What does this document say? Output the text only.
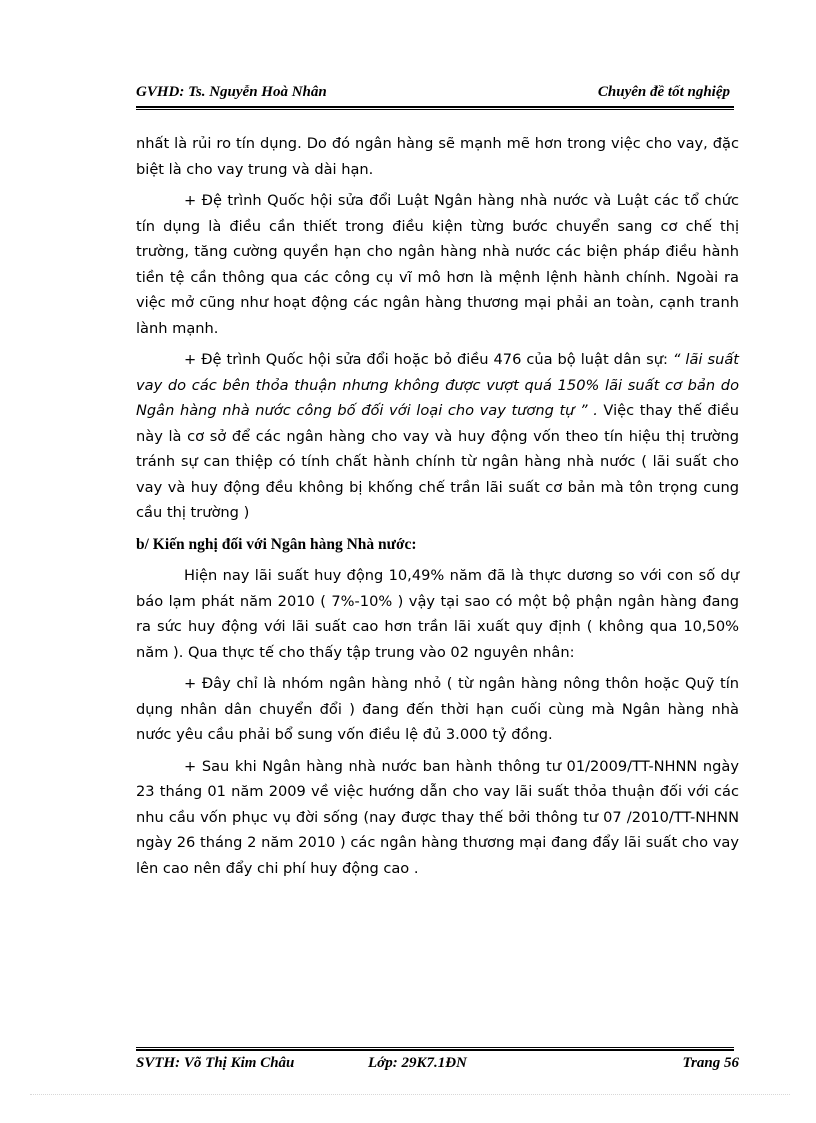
GVHD: Ts. Nguyễn Hoà Nhân	Chuyên đề tốt nghiệp

nhất là rủi ro tín dụng. Do đó ngân hàng sẽ mạnh mẽ hơn trong việc cho vay, đặc biệt là cho vay trung và dài hạn.

+ Đệ trình Quốc hội sửa đổi Luật Ngân hàng nhà nước và Luật các tổ chức tín dụng là điều cần thiết trong điều kiện từng bước chuyển sang cơ chế thị trường, tăng cường quyền hạn cho ngân hàng nhà nước các biện pháp điều hành tiền tệ cần thông qua các công cụ vĩ mô hơn là mệnh lệnh hành chính. Ngoài ra việc mở cũng như hoạt động các ngân hàng thương mại phải an toàn, cạnh tranh lành mạnh.

+ Đệ trình Quốc hội sửa đổi hoặc bỏ điều 476 của bộ luật dân sự: “ lãi suất vay do các bên thỏa thuận nhưng không được vượt quá 150% lãi suất cơ bản do Ngân hàng nhà nước công bố đối với loại cho vay tương tự ” . Việc thay thế điều này là cơ sở để các ngân hàng cho vay và huy động vốn theo tín hiệu thị trường tránh sự can thiệp có tính chất hành chính từ ngân hàng nhà nước ( lãi suất cho vay và huy động đều không bị khống chế trần lãi suất cơ bản mà tôn trọng cung cầu thị trường )

b/ Kiến nghị đối với Ngân hàng Nhà nước:

Hiện nay lãi suất huy động 10,49% năm đã là thực dương so với con số dự báo lạm phát năm 2010 ( 7%-10% ) vậy tại sao có một bộ phận ngân hàng đang ra sức huy động với lãi suất cao hơn trần lãi xuất quy định ( không qua 10,50% năm ). Qua thực tế cho thấy tập trung vào 02 nguyên nhân:

+ Đây chỉ là nhóm ngân hàng nhỏ ( từ ngân hàng nông thôn hoặc Quỹ tín dụng nhân dân chuyển đổi ) đang đến thời hạn cuối cùng mà Ngân hàng nhà nước yêu cầu phải bổ sung vốn điều lệ đủ 3.000 tỷ đồng.

+ Sau khi Ngân hàng nhà nước ban hành thông tư 01/2009/TT-NHNN ngày 23 tháng 01 năm 2009 về việc hướng dẫn cho vay lãi suất thỏa thuận đối với các nhu cầu vốn phục vụ đời sống (nay được thay thế bởi thông tư 07 /2010/TT-NHNN ngày 26 tháng 2 năm 2010 ) các ngân hàng thương mại đang đẩy lãi suất cho vay lên cao nên đẩy chi phí huy động cao .

SVTH: Võ Thị Kim Châu	Lớp: 29K7.1ĐN	Trang 56
